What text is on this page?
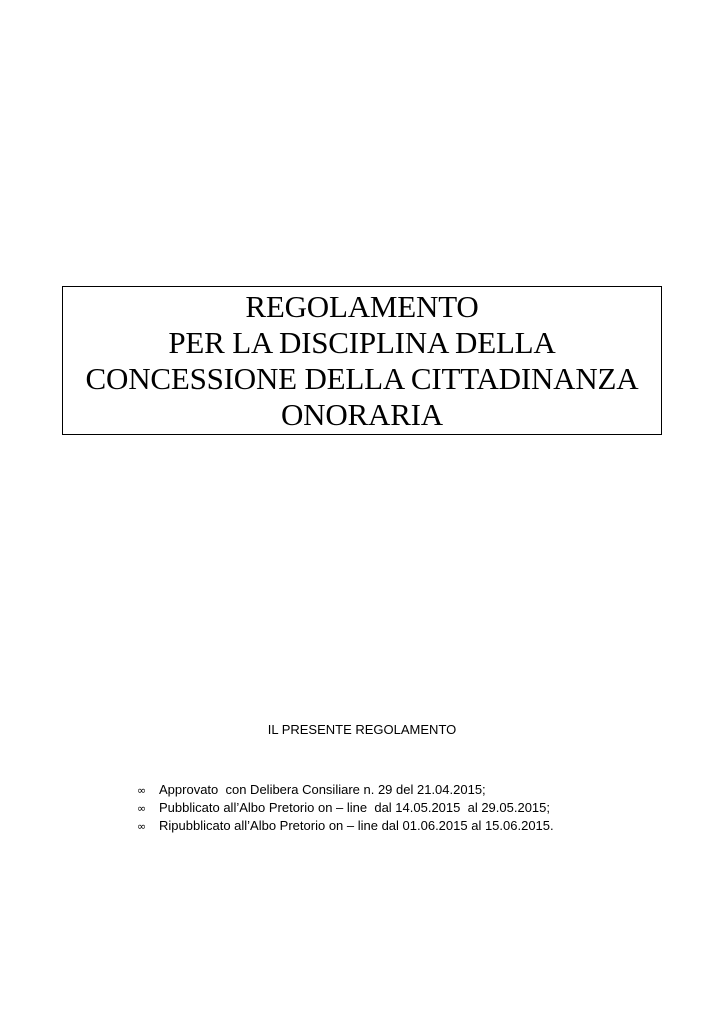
REGOLAMENTO
PER LA DISCIPLINA DELLA
CONCESSIONE DELLA CITTADINANZA
ONORARIA
IL PRESENTE REGOLAMENTO
∞ Approvato  con Delibera Consiliare n. 29 del 21.04.2015;
∞ Pubblicato all’Albo Pretorio on – line  dal 14.05.2015  al 29.05.2015;
∞ Ripubblicato all’Albo Pretorio on – line dal 01.06.2015 al 15.06.2015.
